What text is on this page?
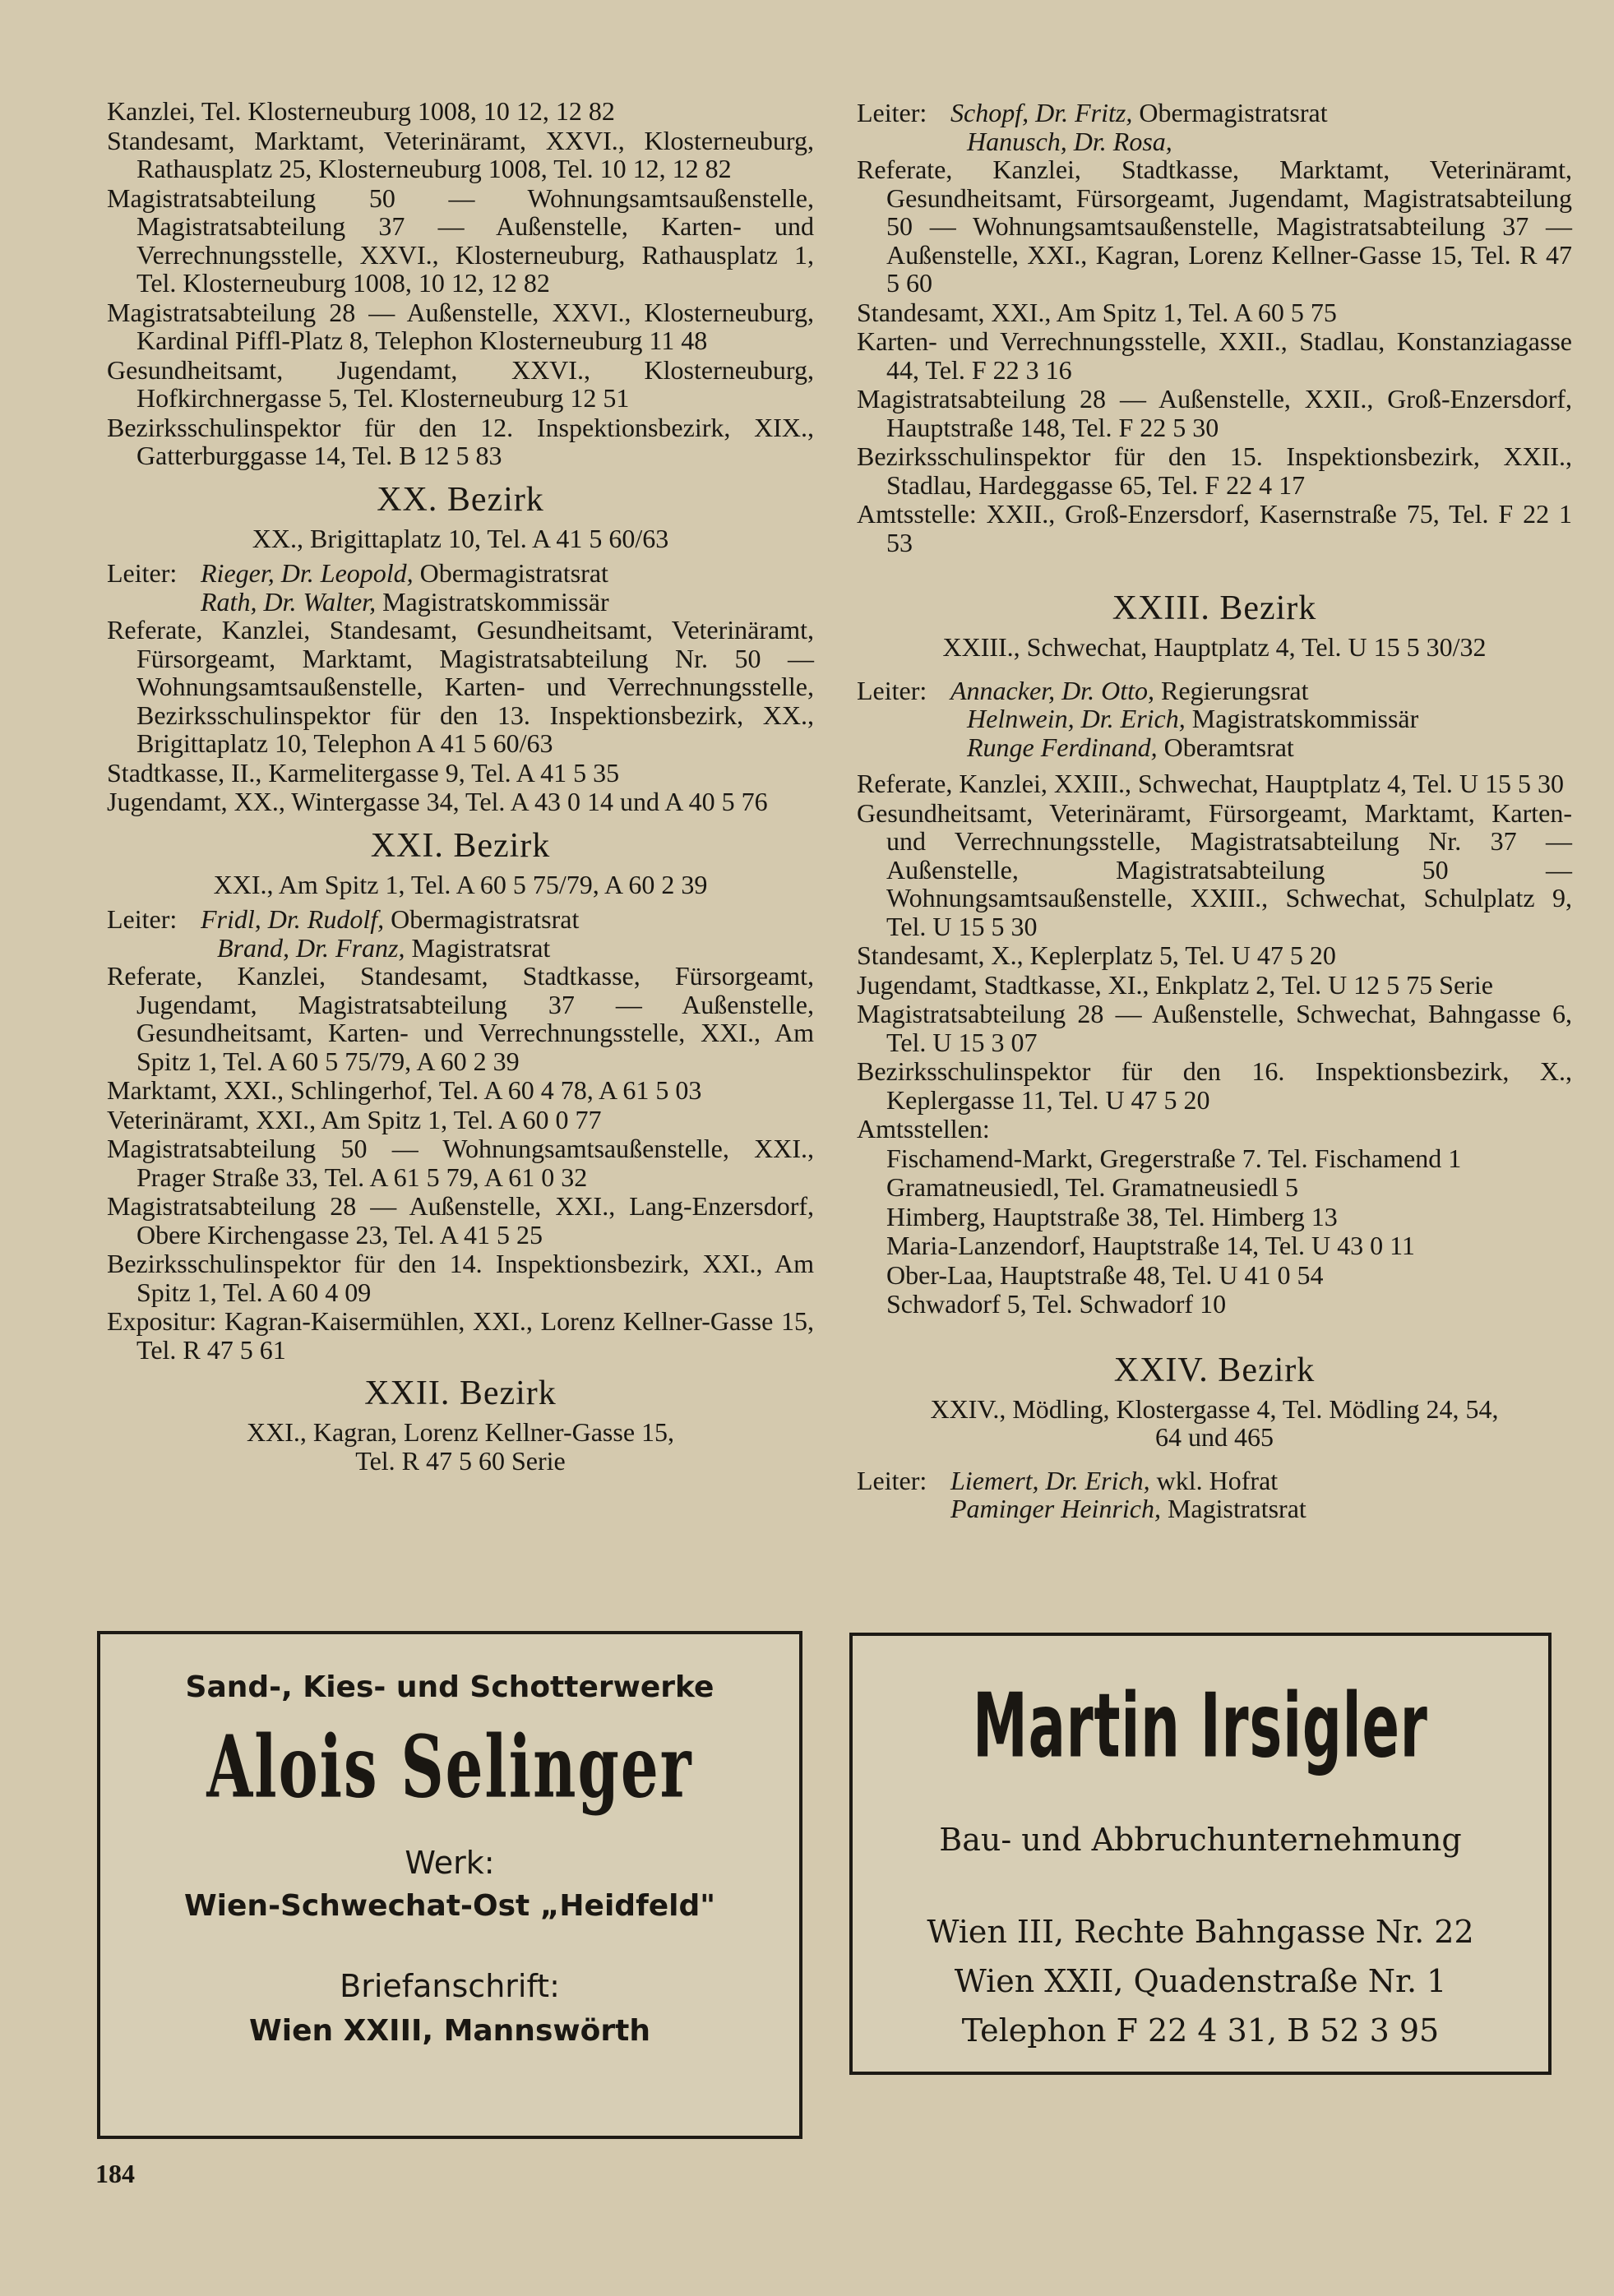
Kanzlei, Tel. Klosterneuburg 1008, 10 12, 12 82

Standesamt, Marktamt, Veterinäramt, XXVI., Klosterneuburg, Rathausplatz 25, Klosterneuburg 1008, Tel. 10 12, 12 82

Magistratsabteilung 50 — Wohnungsamtsaußenstelle, Magistratsabteilung 37 — Außenstelle, Karten- und Verrechnungsstelle, XXVI., Klosterneuburg, Rathausplatz 1, Tel. Klosterneuburg 1008, 10 12, 12 82

Magistratsabteilung 28 — Außenstelle, XXVI., Klosterneuburg, Kardinal Piffl-Platz 8, Telephon Klosterneuburg 11 48

Gesundheitsamt, Jugendamt, XXVI., Klosterneuburg, Hofkirchnergasse 5, Tel. Klosterneuburg 12 51

Bezirksschulinspektor für den 12. Inspektionsbezirk, XIX., Gatterburggasse 14, Tel. B 12 5 83

XX. Bezirk
XX., Brigittaplatz 10, Tel. A 41 5 60/63
Leiter: Rieger, Dr. Leopold, Obermagistratsrat
Rath, Dr. Walter, Magistratskommissär

Referate, Kanzlei, Standesamt, Gesundheitsamt, Veterinäramt, Fürsorgeamt, Marktamt, Magistratsabteilung Nr. 50 — Wohnungsamtsaußenstelle, Karten- und Verrechnungsstelle, Bezirksschulinspektor für den 13. Inspektionsbezirk, XX., Brigittaplatz 10, Telephon A 41 5 60/63

Stadtkasse, II., Karmelitergasse 9, Tel. A 41 5 35

Jugendamt, XX., Wintergasse 34, Tel. A 43 0 14 und A 40 5 76

XXI. Bezirk
XXI., Am Spitz 1, Tel. A 60 5 75/79, A 60 2 39
Leiter: Fridl, Dr. Rudolf, Obermagistratsrat
Brand, Dr. Franz, Magistratsrat

Referate, Kanzlei, Standesamt, Stadtkasse, Fürsorgeamt, Jugendamt, Magistratsabteilung 37 — Außenstelle, Gesundheitsamt, Karten- und Verrechnungsstelle, XXI., Am Spitz 1, Tel. A 60 5 75/79, A 60 2 39

Marktamt, XXI., Schlingerhof, Tel. A 60 4 78, A 61 5 03

Veterinäramt, XXI., Am Spitz 1, Tel. A 60 0 77

Magistratsabteilung 50 — Wohnungsamtsaußenstelle, XXI., Prager Straße 33, Tel. A 61 5 79, A 61 0 32

Magistratsabteilung 28 — Außenstelle, XXI., Lang-Enzersdorf, Obere Kirchengasse 23, Tel. A 41 5 25

Bezirksschulinspektor für den 14. Inspektionsbezirk, XXI., Am Spitz 1, Tel. A 60 4 09

Expositur: Kagran-Kaisermühlen, XXI., Lorenz Kellner-Gasse 15, Tel. R 47 5 61

XXII. Bezirk
XXI., Kagran, Lorenz Kellner-Gasse 15,
Tel. R 47 5 60 Serie
Leiter: Schopf, Dr. Fritz, Obermagistratsrat
Hanusch, Dr. Rosa,

Referate, Kanzlei, Stadtkasse, Marktamt, Veterinäramt, Gesundheitsamt, Fürsorgeamt, Jugendamt, Magistratsabteilung 50 — Wohnungsamtsaußenstelle, Magistratsabteilung 37 — Außenstelle, XXI., Kagran, Lorenz Kellner-Gasse 15, Tel. R 47 5 60

Standesamt, XXI., Am Spitz 1, Tel. A 60 5 75

Karten- und Verrechnungsstelle, XXII., Stadlau, Konstanziagasse 44, Tel. F 22 3 16

Magistratsabteilung 28 — Außenstelle, XXII., Groß-Enzersdorf, Hauptstraße 148, Tel. F 22 5 30

Bezirksschulinspektor für den 15. Inspektionsbezirk, XXII., Stadlau, Hardeggasse 65, Tel. F 22 4 17

Amtsstelle: XXII., Groß-Enzersdorf, Kasernstraße 75, Tel. F 22 1 53

XXIII. Bezirk
XXIII., Schwechat, Hauptplatz 4, Tel. U 15 5 30/32
Leiter: Annacker, Dr. Otto, Regierungsrat
Helnwein, Dr. Erich, Magistratskommissär
Runge Ferdinand, Oberamtsrat

Referate, Kanzlei, XXIII., Schwechat, Hauptplatz 4, Tel. U 15 5 30

Gesundheitsamt, Veterinäramt, Fürsorgeamt, Marktamt, Karten- und Verrechnungsstelle, Magistratsabteilung Nr. 37 — Außenstelle, Magistratsabteilung 50 — Wohnungsamtsaußenstelle, XXIII., Schwechat, Schulplatz 9, Tel. U 15 5 30

Standesamt, X., Keplerplatz 5, Tel. U 47 5 20

Jugendamt, Stadtkasse, XI., Enkplatz 2, Tel. U 12 5 75 Serie

Magistratsabteilung 28 — Außenstelle, Schwechat, Bahngasse 6, Tel. U 15 3 07

Bezirksschulinspektor für den 16. Inspektionsbezirk, X., Keplergasse 11, Tel. U 47 5 20

Amtsstellen:

Fischamend-Markt, Gregerstraße 7. Tel. Fischamend 1

Gramatneusiedl, Tel. Gramatneusiedl 5

Himberg, Hauptstraße 38, Tel. Himberg 13

Maria-Lanzendorf, Hauptstraße 14, Tel. U 43 0 11

Ober-Laa, Hauptstraße 48, Tel. U 41 0 54

Schwadorf 5, Tel. Schwadorf 10

XXIV. Bezirk
XXIV., Mödling, Klostergasse 4, Tel. Mödling 24, 54,
64 und 465
Leiter: Liemert, Dr. Erich, wkl. Hofrat
Paminger Heinrich, Magistratsrat
Sand-, Kies- und Schotterwerke
Alois Selinger
Werk:
Wien-Schwechat-Ost „Heidfeld"
Briefanschrift:
Wien XXIII, Mannswörth
Martin Irsigler
Bau- und Abbruchunternehmung
Wien III, Rechte Bahngasse Nr. 22
Wien XXII, Quadenstraße Nr. 1
Telephon F 22 4 31, B 52 3 95
184
